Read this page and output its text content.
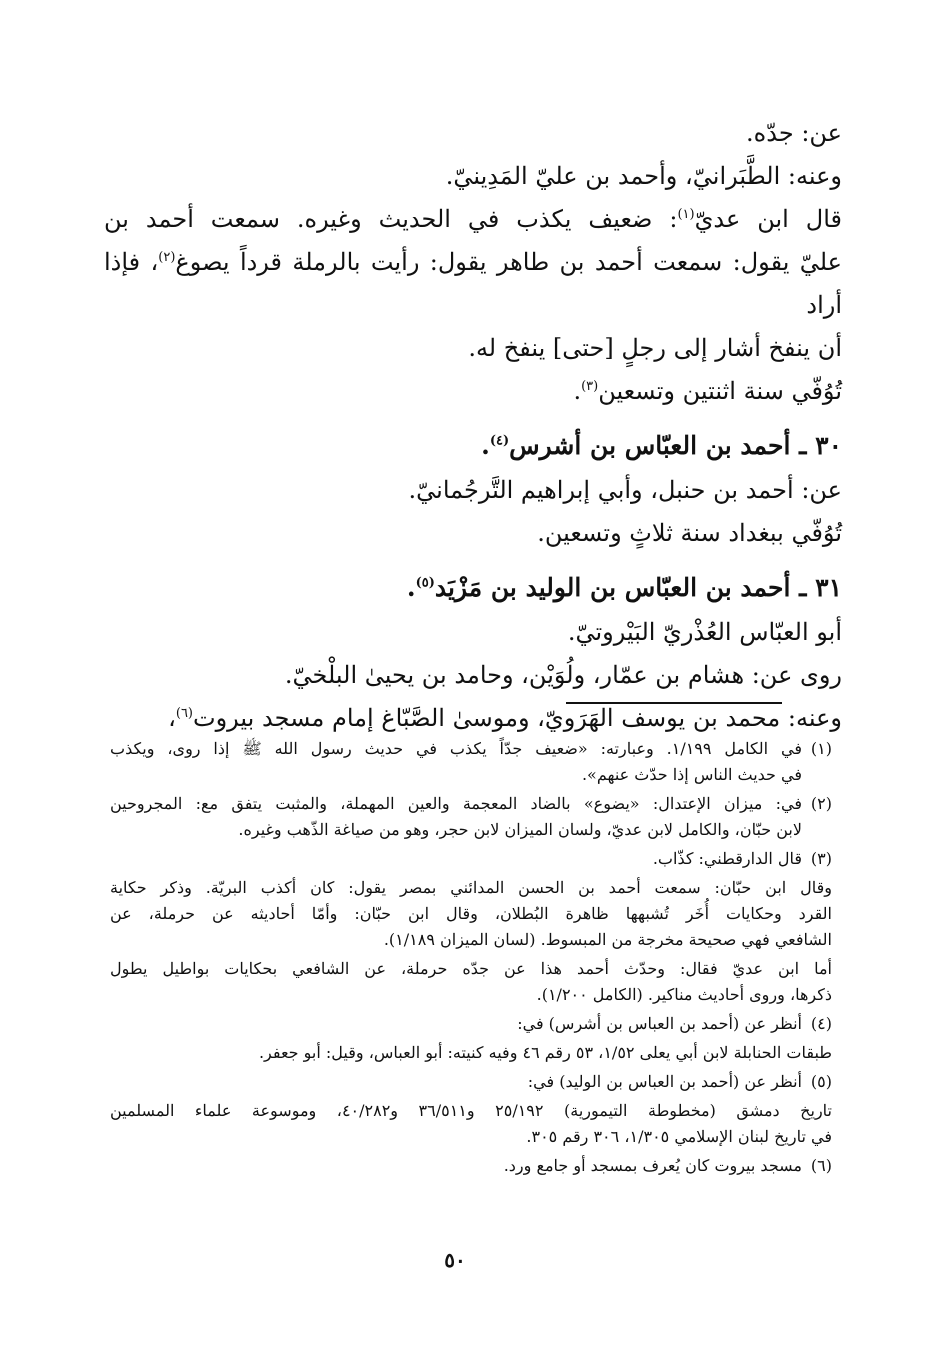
عن: جدّه.
وعنه: الطَّبَرانيّ، وأحمد بن عليّ المَدِينيّ.
قال ابن عديّ$^{(١)}$: ضعيف يكذب في الحديث وغيره. سمعت أحمد بن
عليّ يقول: سمعت أحمد بن طاهر يقول: رأيت بالرملة قرداً يصوغ$^{(٢)}$، فإذا أراد
أن ينفخ أشار إلى رجلٍ [حتى] ينفخ له.
تُوُفّي سنة اثنتين وتسعين$^{(٣)}$.
٣٠ ـ أحمد بن العبّاس بن أشرس$^{(٤)}$.
عن: أحمد بن حنبل، وأبي إبراهيم التَّرجُمانيّ.
تُوُفّي ببغداد سنة ثلاثٍ وتسعين.
٣١ ـ أحمد بن العبّاس بن الوليد بن مَزْيَد$^{(٥)}$.
أبو العبّاس العُذْريّ البَيْروتيّ.
روى عن: هشام بن عمّار، ولُوَيْن، وحامد بن يحيىٰ البلْخيّ.
وعنه: محمد بن يوسف الهَرَويّ، وموسىٰ الصَّبّاغ إمام مسجد بيروت$^{(٦)}$،
(١)
في الكامل ١/١٩٩. وعبارته: «ضعيف جدّاً يكذب في حديث رسول الله ﷺ إذا روى، ويكذب
في حديث الناس إذا حدّث عنهم».
(٢)
في: ميزان الإعتدال: «يضوع» بالضاد المعجمة والعين المهملة، والمثبت يتفق مع: المجروحين
لابن حبّان، والكامل لابن عديّ، ولسان الميزان لابن حجر، وهو من صياغة الذّهب وغيره.
(٣)
قال الدارقطني: كذّاب.
وقال ابن حبّان: سمعت أحمد بن الحسن المدائني بمصر يقول: كان أكذب البريّة. وذكر حكاية
القرد وحكايات أُخَر تُشبهها ظاهرة البُطلان، وقال ابن حبّان: وأمّا أحاديثه عن حرملة، عن
الشافعي فهي صحيحة مخرجة من المبسوط. (لسان الميزان ١/١٨٩).
أما ابن عديّ فقال: وحدّث أحمد هذا عن جدّه حرملة، عن الشافعي بحكايات بواطيل يطول
ذكرها، وروى أحاديث مناكير. (الكامل ١/٢٠٠).
(٤)
أنظر عن (أحمد بن العباس بن أشرس) في:
طبقات الحنابلة لابن أبي يعلى ١/٥٢، ٥٣ رقم ٤٦ وفيه كنيته: أبو العباس، وقيل: أبو جعفر.
(٥)
أنظر عن (أحمد بن العباس بن الوليد) في:
تاريخ دمشق (مخطوطة التيمورية) ٢٥/١٩٢ و٣٦/٥١١ و٤٠/٢٨٢، وموسوعة علماء المسلمين
في تاريخ لبنان الإسلامي ١/٣٠٥، ٣٠٦ رقم ٣٠٥.
(٦)
مسجد بيروت كان يُعرف بمسجد أو جامع ورد.
٥٠
